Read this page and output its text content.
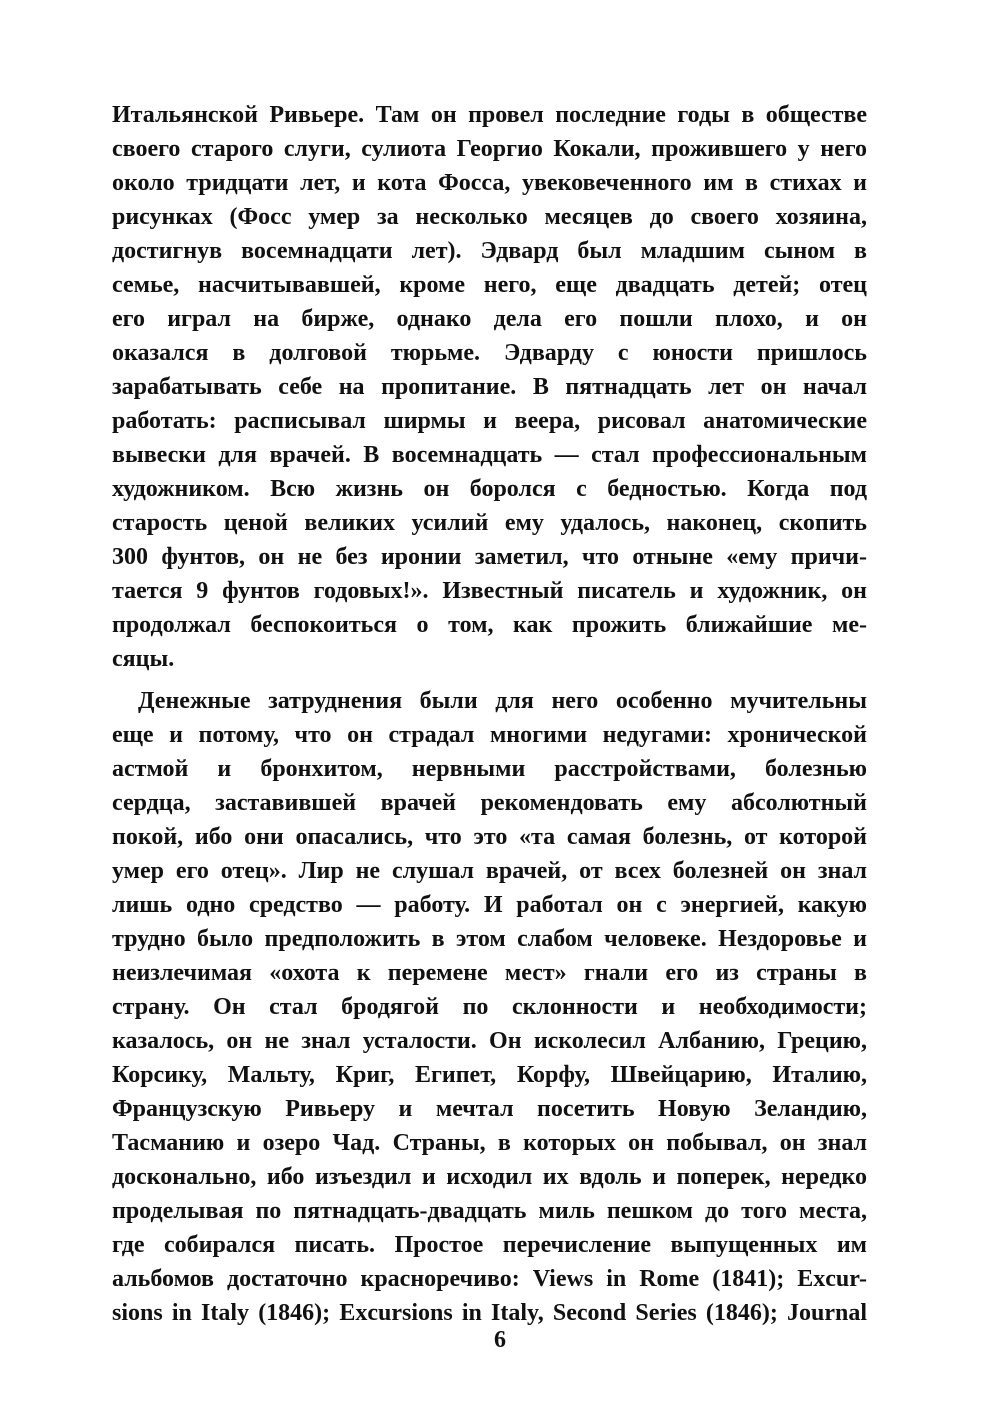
Итальянской Ривьере. Там он провел последние годы в обществе
своего старого слуги, сулиота Георгио Кокали, прожившего у него
около тридцати лет, и кота Фосса, увековеченного им в стихах и
рисунках (Фосс умер за несколько месяцев до своего хозяина,
достигнув восемнадцати лет). Эдвард был младшим сыном в
семье, насчитывавшей, кроме него, еще двадцать детей; отец
его играл на бирже, однако дела его пошли плохо, и он
оказался в долговой тюрьме. Эдварду с юности пришлось
зарабатывать себе на пропитание. В пятнадцать лет он начал
работать: расписывал ширмы и веера, рисовал анатомические
вывески для врачей. В восемнадцать — стал профессиональным
художником. Всю жизнь он боролся с бедностью. Когда под
старость ценой великих усилий ему удалось, наконец, скопить
300 фунтов, он не без иронии заметил, что отныне «ему причи-
тается 9 фунтов годовых!». Известный писатель и художник, он
продолжал беспокоиться о том, как прожить ближайшие ме-
сяцы.
Денежные затруднения были для него особенно мучительны
еще и потому, что он страдал многими недугами: хронической
астмой и бронхитом, нервными расстройствами, болезнью
сердца, заставившей врачей рекомендовать ему абсолютный
покой, ибо они опасались, что это «та самая болезнь, от которой
умер его отец». Лир не слушал врачей, от всех болезней он знал
лишь одно средство — работу. И работал он с энергией, какую
трудно было предположить в этом слабом человеке. Нездоровье и
неизлечимая «охота к перемене мест» гнали его из страны в
страну. Он стал бродягой по склонности и необходимости;
казалось, он не знал усталости. Он исколесил Албанию, Грецию,
Корсику, Мальту, Криг, Египет, Корфу, Швейцарию, Италию,
Французскую Ривьеру и мечтал посетить Новую Зеландию,
Тасманию и озеро Чад. Страны, в которых он побывал, он знал
досконально, ибо изъездил и исходил их вдоль и поперек, нередко
проделывая по пятнадцать-двадцать миль пешком до того места,
где собирался писать. Простое перечисление выпущенных им
альбомов достаточно красноречиво: Views in Rome (1841); Excur-
sions in Italy (1846); Excursions in Italy, Second Series (1846); Journal
6
